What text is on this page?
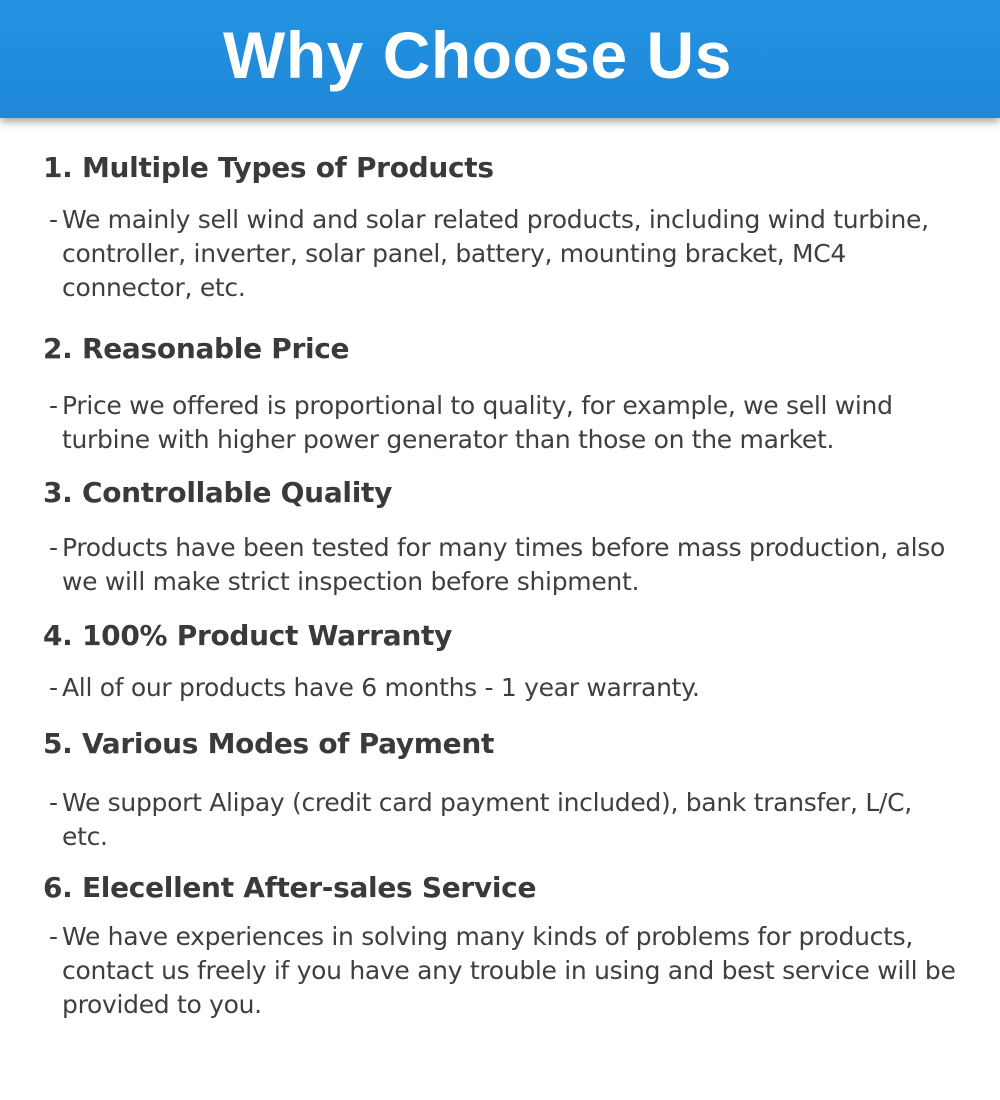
Why Choose Us
1. Multiple Types of Products
- We mainly sell wind and solar related products, including wind turbine, controller, inverter, solar panel, battery, mounting bracket, MC4 connector, etc.
2. Reasonable Price
- Price we offered is proportional to quality, for example, we sell wind turbine with higher power generator than those on the market.
3. Controllable Quality
- Products have been tested for many times before mass production, also we will make strict inspection before shipment.
4. 100% Product Warranty
- All of our products have 6 months - 1 year warranty.
5. Various Modes of Payment
- We support Alipay (credit card payment included), bank transfer, L/C, etc.
6. Elecellent After-sales Service
- We have experiences in solving many kinds of problems for products, contact us freely if you have any trouble in using and best service will be provided to you.
